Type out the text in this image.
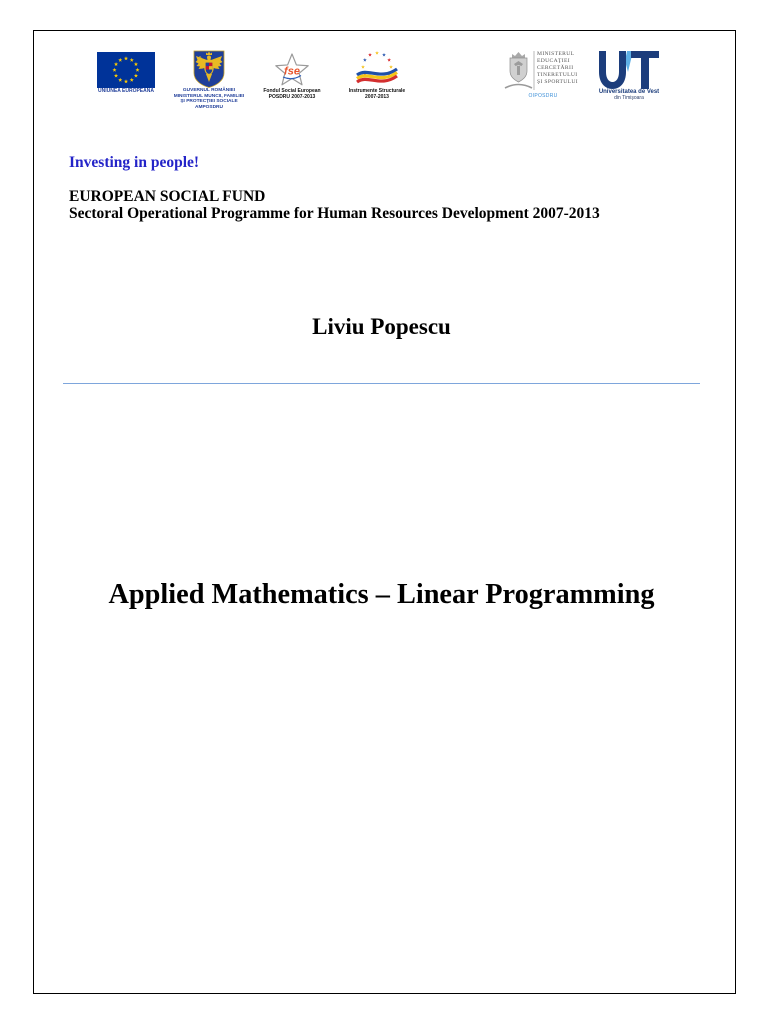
UNIUNEA EUROPEANĂ	GUVERNUL ROMÂNIEI
MINISTERUL MUNCII, FAMILIEI
ŞI PROTECŢIEI SOCIALE
AMPOSDRU
fse
Fondul Social European
POSDRU 2007-2013
Instrumente Structurale
2007-2013
MINISTERUL
EDUCAŢIEI
CERCETĂRII
TINERETULUI
ŞI SPORTULUI
OIPOSDRU
Universitatea de Vest
din Timişoara
Investing in people!
EUROPEAN SOCIAL FUND
Sectoral Operational Programme for Human Resources Development 2007-2013
Liviu Popescu
Applied Mathematics – Linear Programming
